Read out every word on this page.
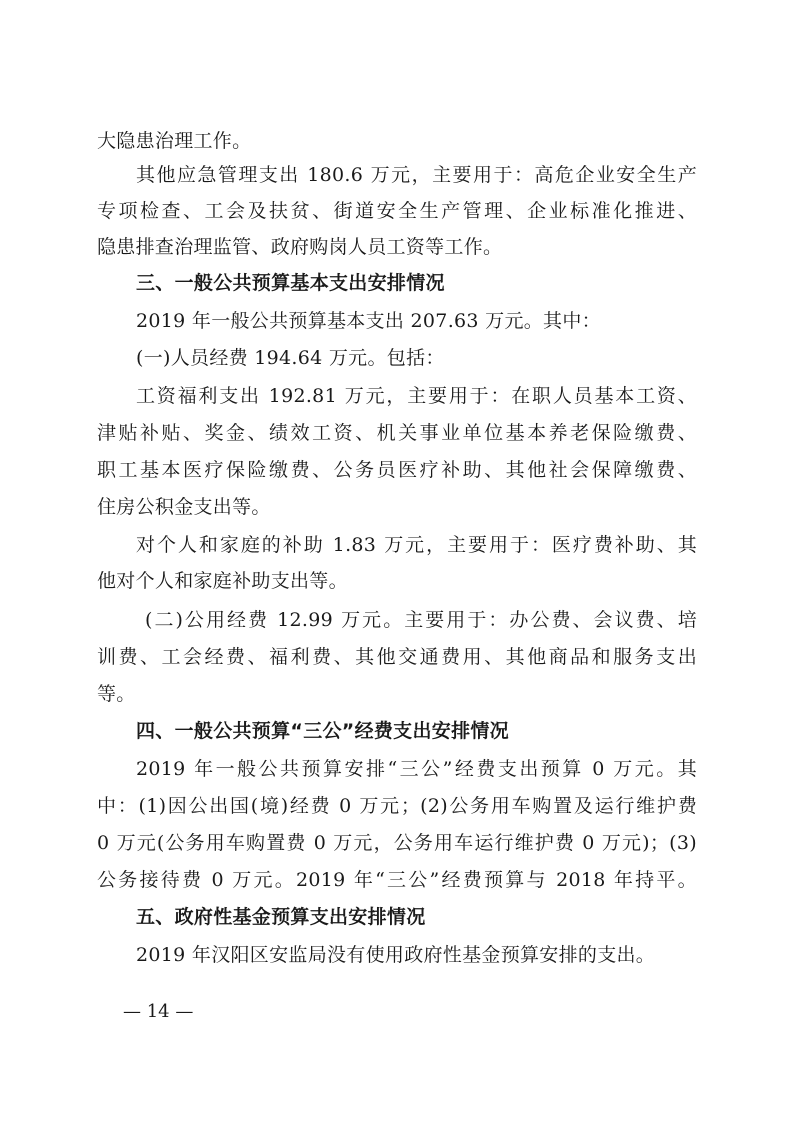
大隐患治理工作。
其他应急管理支出 180.6 万元，主要用于：高危企业安全生产
专项检查、工会及扶贫、街道安全生产管理、企业标准化推进、
隐患排查治理监管、政府购岗人员工资等工作。
三、一般公共预算基本支出安排情况
2019 年一般公共预算基本支出 207.63 万元。其中：
(一)人员经费 194.64 万元。包括：
工资福利支出 192.81 万元，主要用于：在职人员基本工资、
津贴补贴、奖金、绩效工资、机关事业单位基本养老保险缴费、
职工基本医疗保险缴费、公务员医疗补助、其他社会保障缴费、
住房公积金支出等。
对个人和家庭的补助 1.83 万元，主要用于：医疗费补助、其
他对个人和家庭补助支出等。
(二)公用经费 12.99 万元。主要用于：办公费、会议费、培
训费、工会经费、福利费、其他交通费用、其他商品和服务支出
等。
四、一般公共预算“三公”经费支出安排情况
2019 年一般公共预算安排“三公”经费支出预算 0 万元。其
中：(1)因公出国(境)经费 0 万元；(2)公务用车购置及运行维护费
0 万元(公务用车购置费 0 万元，公务用车运行维护费 0 万元)；(3)
公务接待费 0 万元。2019 年“三公”经费预算与 2018 年持平。
五、政府性基金预算支出安排情况
2019 年汉阳区安监局没有使用政府性基金预算安排的支出。
— 14 —
